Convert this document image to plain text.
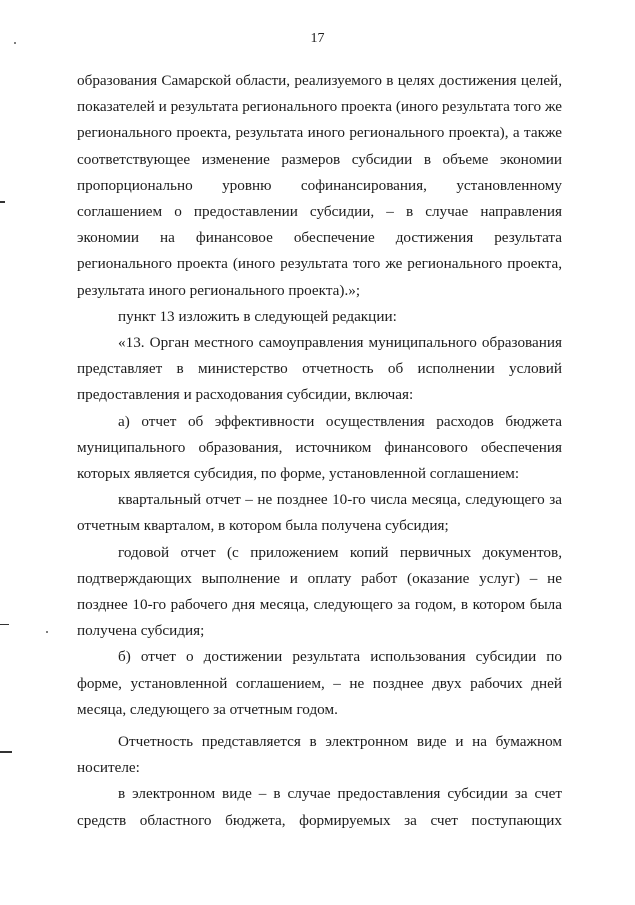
17

образования Самарской области, реализуемого в целях достижения целей, показателей и результата регионального проекта (иного результата того же регионального проекта, результата иного регионального проекта), а также соответствующее изменение размеров субсидии в объеме экономии пропорционально уровню софинансирования, установленному соглашением о предоставлении субсидии, – в случае направления экономии на финансовое обеспечение достижения результата регионального проекта (иного результата того же регионального проекта, результата иного регионального проекта).»;

пункт 13 изложить в следующей редакции:

«13. Орган местного самоуправления муниципального образования представляет в министерство отчетность об исполнении условий предоставления и расходования субсидии, включая:

а) отчет об эффективности осуществления расходов бюджета муниципального образования, источником финансового обеспечения которых является субсидия, по форме, установленной соглашением:

квартальный отчет – не позднее 10-го числа месяца, следующего за отчетным кварталом, в котором была получена субсидия;

годовой отчет (с приложением копий первичных документов, подтверждающих выполнение и оплату работ (оказание услуг) – не позднее 10-го рабочего дня месяца, следующего за годом, в котором была получена субсидия;

б) отчет о достижении результата использования субсидии по форме, установленной соглашением, – не позднее двух рабочих дней месяца, следующего за отчетным годом.

Отчетность представляется в электронном виде и на бумажном носителе:

в электронном виде – в случае предоставления субсидии за счет средств областного бюджета, формируемых за счет поступающих
